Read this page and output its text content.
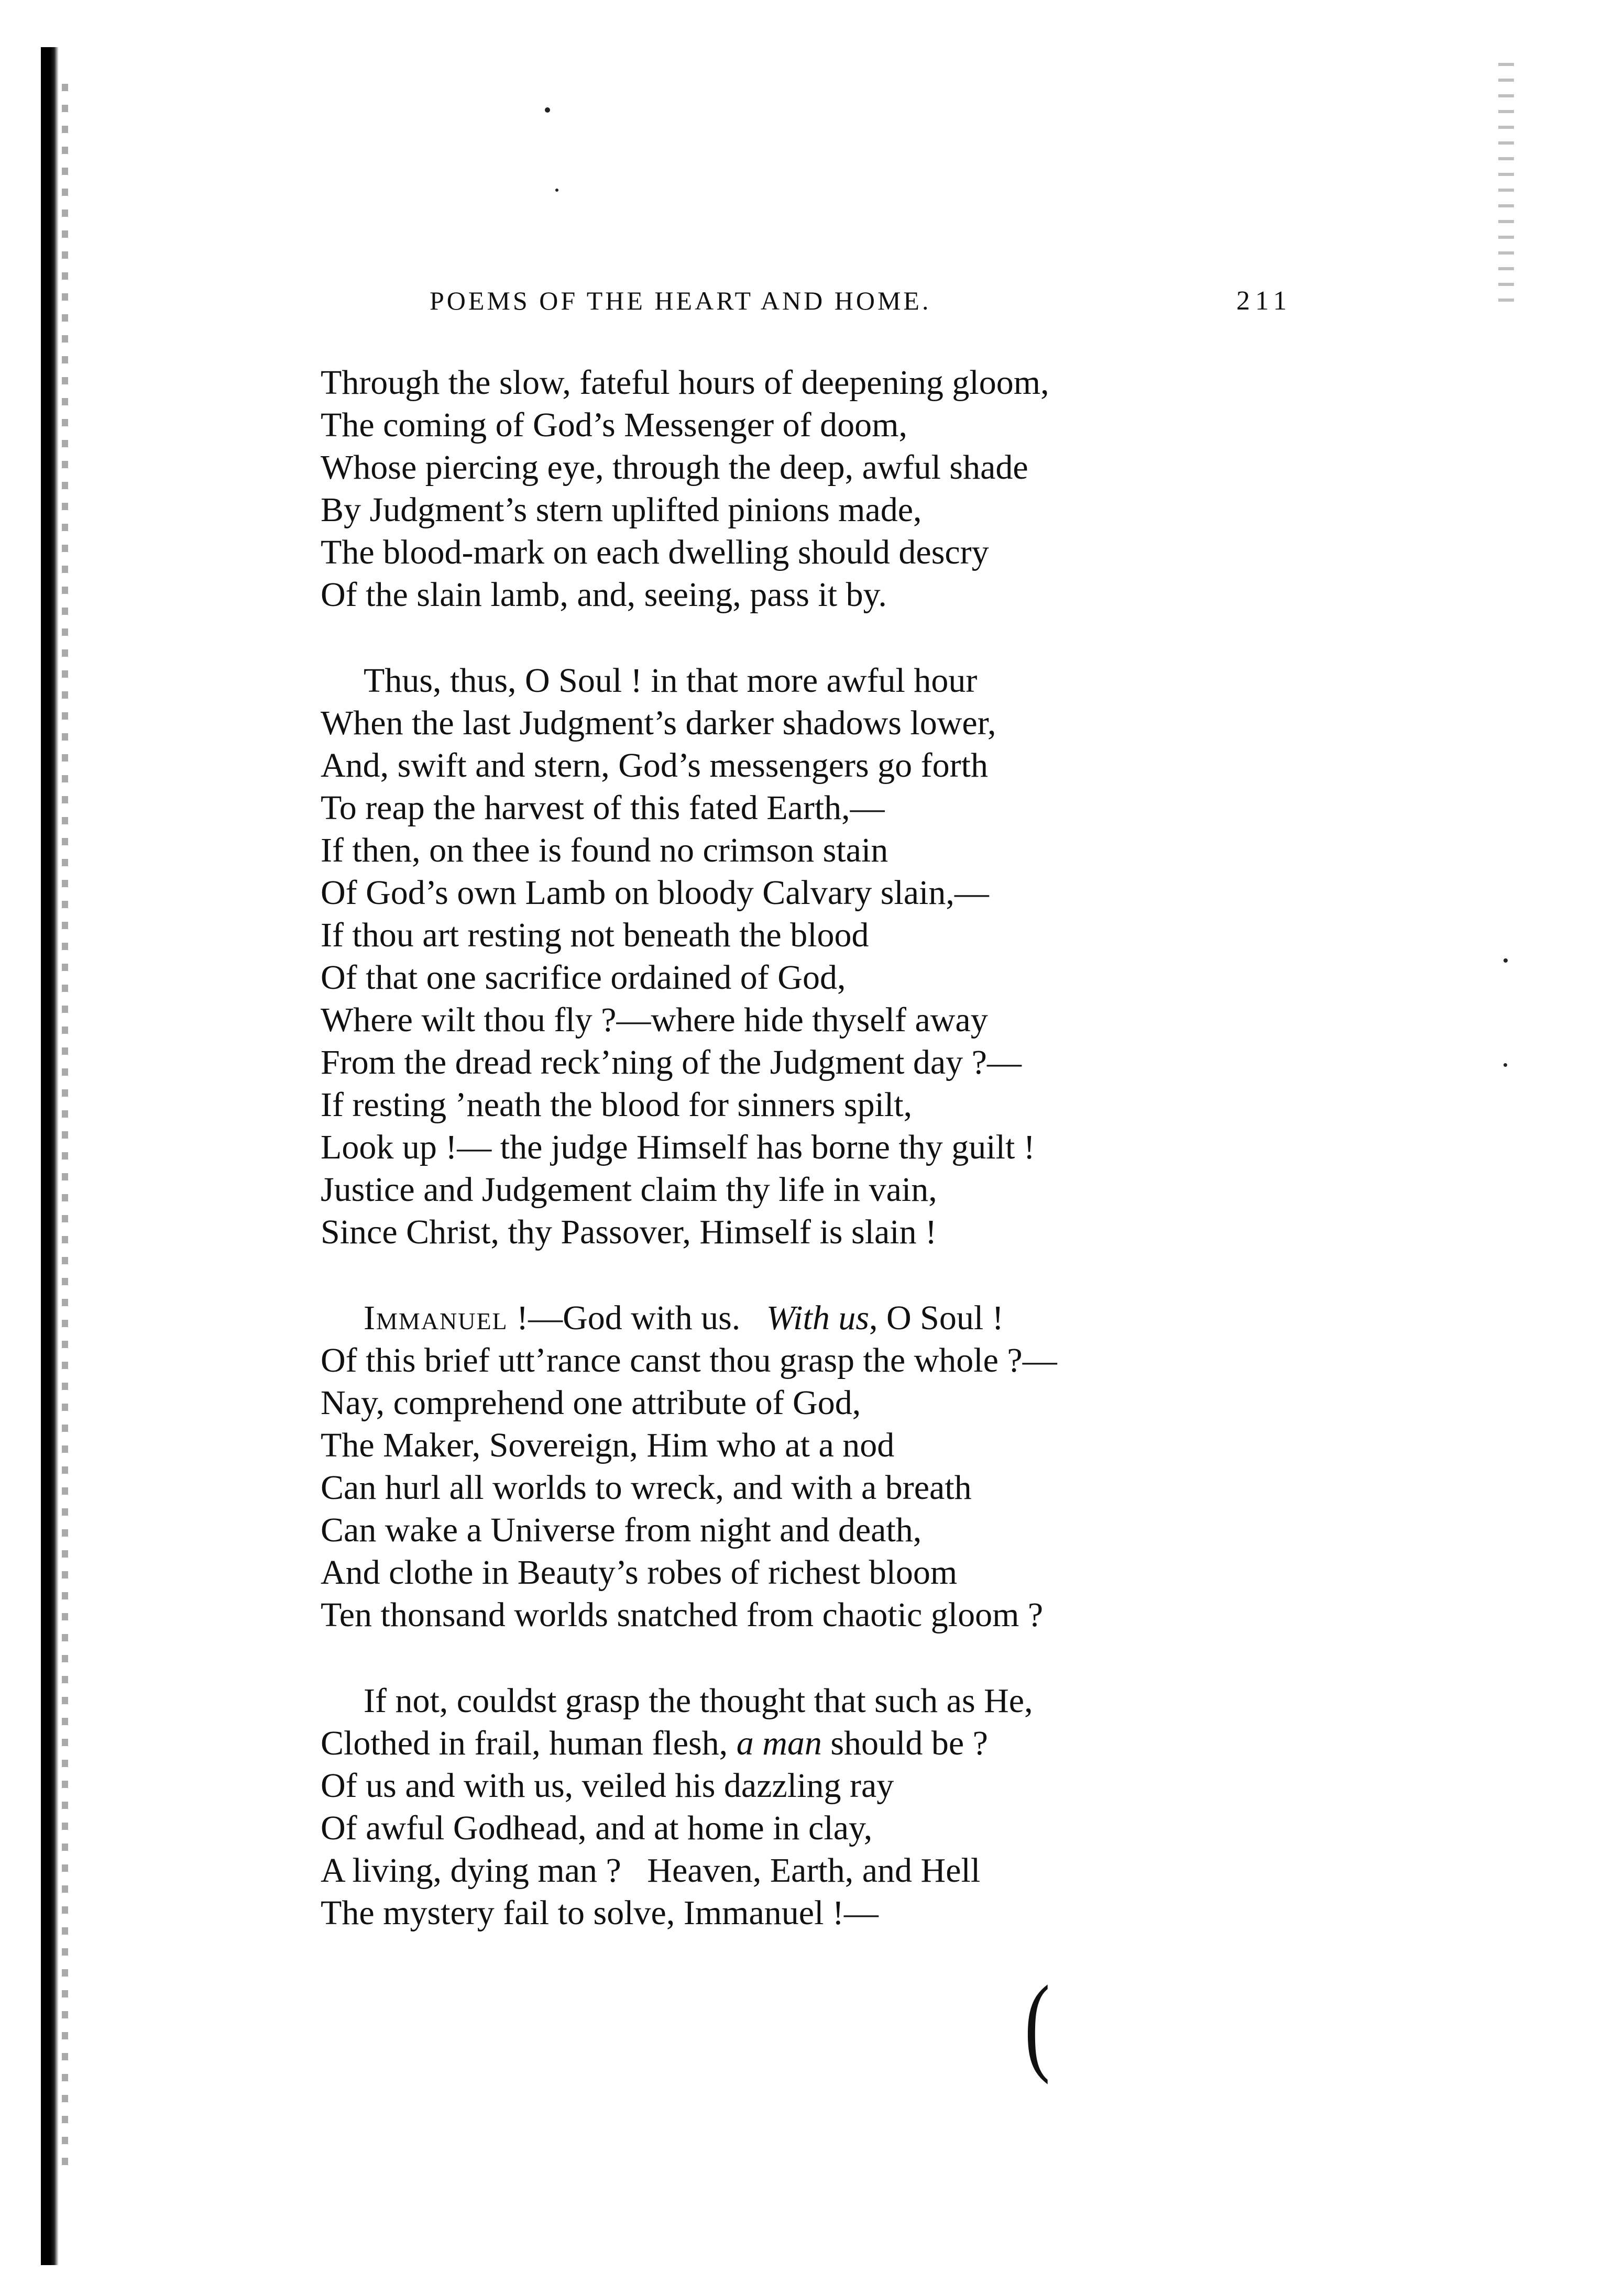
POEMS OF THE HEART AND HOME.	211
Through the slow, fateful hours of deepening gloom,
The coming of God’s Messenger of doom,
Whose piercing eye, through the deep, awful shade
By Judgment’s stern uplifted pinions made,
The blood-mark on each dwelling should descry
Of the slain lamb, and, seeing, pass it by.
Thus, thus, O Soul ! in that more awful hour
When the last Judgment’s darker shadows lower,
And, swift and stern, God’s messengers go forth
To reap the harvest of this fated Earth,—
If then, on thee is found no crimson stain
Of God’s own Lamb on bloody Calvary slain,—
If thou art resting not beneath the blood
Of that one sacrifice ordained of God,
Where wilt thou fly ?—where hide thyself away
From the dread reck’ning of the Judgment day ?—
If resting ’neath the blood for sinners spilt,
Look up !— the judge Himself has borne thy guilt !
Justice and Judgement claim thy life in vain,
Since Christ, thy Passover, Himself is slain !
Immanuel !—God with us.   With us, O Soul !
Of this brief utt’rance canst thou grasp the whole ?—
Nay, comprehend one attribute of God,
The Maker, Sovereign, Him who at a nod
Can hurl all worlds to wreck, and with a breath
Can wake a Universe from night and death,
And clothe in Beauty’s robes of richest bloom
Ten thonsand worlds snatched from chaotic gloom ?
If not, couldst grasp the thought that such as He,
Clothed in frail, human flesh, a man should be ?
Of us and with us, veiled his dazzling ray
Of awful Godhead, and at home in clay,
A living, dying man ?   Heaven, Earth, and Hell
The mystery fail to solve, Immanuel !—
(
